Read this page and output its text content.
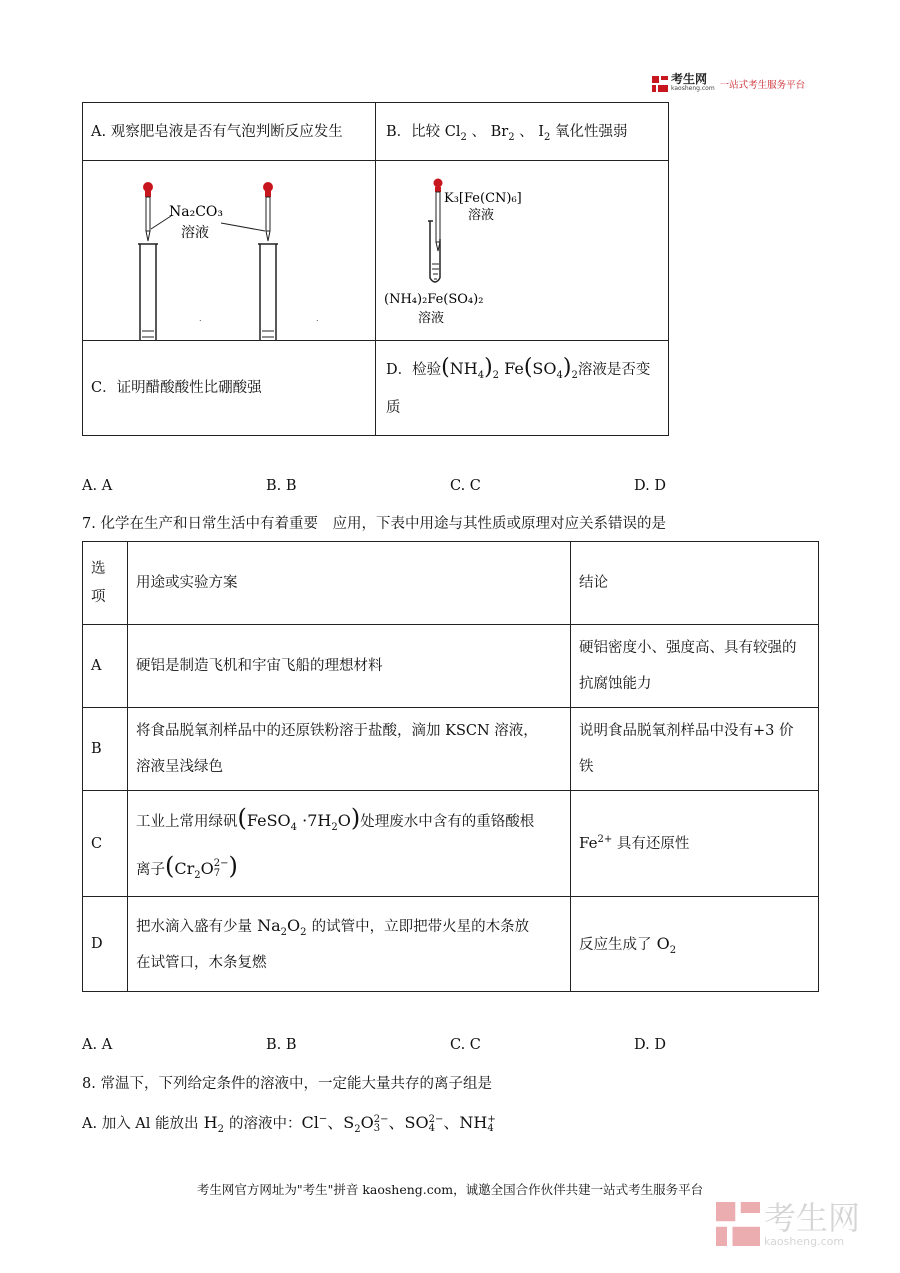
考生网
kaosheng.com 一站式考生服务平台
A. 观察肥皂液是否有气泡判断反应发生	B．比较 $Cl_2$ 、 $Br_2$ 、 $I_2$ 氧化性强弱

Na₂CO₃
溶液
. .	K₃[Fe(CN)₆]
溶液
(NH₄)₂Fe(SO₄)₂
溶液

C．证明醋酸酸性比硼酸强	D．检验$(NH_4)_2$ $Fe(SO_4)_2$溶液是否变
质
A. A	B. B	C. C	D. D
7. 化学在生产和日常生活中有着重要　应用，下表中用途与其性质或原理对应关系错误的是
选
项	用途或实验方案	结论
A	硬铝是制造飞机和宇宙飞船的理想材料	硬铝密度小、强度高、具有较强的
抗腐蚀能力
B	将食品脱氧剂样品中的还原铁粉溶于盐酸，滴加 KSCN 溶液，
溶液呈浅绿色	说明食品脱氧剂样品中没有+3 价
铁
C	工业上常用绿矾(FeSO$_4$ $\cdot 7H_2O$)处理废水中含有的重铬酸根
离子($Cr_2O$ 2−
7 )	$Fe^{2+}$ 具有还原性
D	把水滴入盛有少量 $Na_2O_2$ 的试管中，立即把带火星的木条放
在试管口，木条复燃	反应生成了 $O_2$
A. A	B. B	C. C	D. D
8. 常温下，下列给定条件的溶液中，一定能大量共存的离子组是
A. 加入 Al 能放出 $H_2$ 的溶液中：Cl−、$S_2O$ 2−
3 、SO 2−
4 、NH +
4
考生网官方网址为"考生"拼音 kaosheng.com，诚邀全国合作伙伴共建一站式考生服务平台
考生网
kaosheng.com
